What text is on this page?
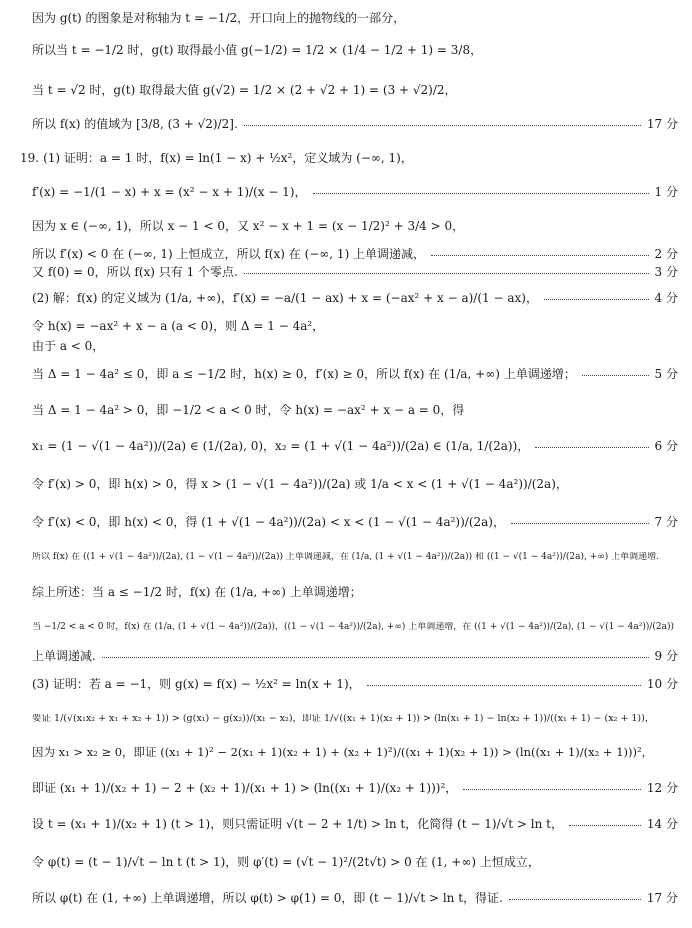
因为 g(t) 的图象是对称轴为 t = −1/2，开口向上的抛物线的一部分，
所以当 t = −1/2 时，g(t) 取得最小值 g(−1/2) = 1/2 × (1/4 − 1/2 + 1) = 3/8，
当 t = √2 时，g(t) 取得最大值 g(√2) = 1/2 × (2 + √2 + 1) = (3 + √2)/2，
所以 f(x) 的值域为 [3/8, (3 + √2)/2].	17 分
19. (1) 证明：a = 1 时，f(x) = ln(1 − x) + ½x²，定义域为 (−∞, 1)，
f′(x) = −1/(1 − x) + x = (x² − x + 1)/(x − 1)，	1 分
因为 x ∈ (−∞, 1)，所以 x − 1 < 0，又 x² − x + 1 = (x − 1/2)² + 3/4 > 0，
所以 f′(x) < 0 在 (−∞, 1) 上恒成立，所以 f(x) 在 (−∞, 1) 上单调递减，	2 分
又 f(0) = 0，所以 f(x) 只有 1 个零点.	3 分
(2) 解：f(x) 的定义域为 (1/a, +∞)，f′(x) = −a/(1 − ax) + x = (−ax² + x − a)/(1 − ax)，	4 分
令 h(x) = −ax² + x − a (a < 0)，则 Δ = 1 − 4a²，
由于 a < 0，
当 Δ = 1 − 4a² ≤ 0，即 a ≤ −1/2 时，h(x) ≥ 0，f′(x) ≥ 0，所以 f(x) 在 (1/a, +∞) 上单调递增；	5 分
当 Δ = 1 − 4a² > 0，即 −1/2 < a < 0 时，令 h(x) = −ax² + x − a = 0，得
x₁ = (1 − √(1 − 4a²))/(2a) ∈ (1/(2a), 0)，x₂ = (1 + √(1 − 4a²))/(2a) ∈ (1/a, 1/(2a))，	6 分
令 f′(x) > 0，即 h(x) > 0，得 x > (1 − √(1 − 4a²))/(2a) 或 1/a < x < (1 + √(1 − 4a²))/(2a)，
令 f′(x) < 0，即 h(x) < 0，得 (1 + √(1 − 4a²))/(2a) < x < (1 − √(1 − 4a²))/(2a)，	7 分
所以 f(x) 在 ((1 + √(1 − 4a²))/(2a), (1 − √(1 − 4a²))/(2a)) 上单调递减，在 (1/a, (1 + √(1 − 4a²))/(2a)) 和 ((1 − √(1 − 4a²))/(2a), +∞) 上单调递增.
综上所述：当 a ≤ −1/2 时，f(x) 在 (1/a, +∞) 上单调递增；
当 −1/2 < a < 0 时，f(x) 在 (1/a, (1 + √(1 − 4a²))/(2a))，((1 − √(1 − 4a²))/(2a), +∞) 上单调递增，在 ((1 + √(1 − 4a²))/(2a), (1 − √(1 − 4a²))/(2a))
上单调递减.	9 分
(3) 证明：若 a = −1，则 g(x) = f(x) − ½x² = ln(x + 1)，	10 分
要证 1/(√(x₁x₂ + x₁ + x₂ + 1)) > (g(x₁) − g(x₂))/(x₁ − x₂)，即证 1/√((x₁ + 1)(x₂ + 1)) > (ln(x₁ + 1) − ln(x₂ + 1))/((x₁ + 1) − (x₂ + 1))，
因为 x₁ > x₂ ≥ 0，即证 ((x₁ + 1)² − 2(x₁ + 1)(x₂ + 1) + (x₂ + 1)²)/((x₁ + 1)(x₂ + 1)) > (ln((x₁ + 1)/(x₂ + 1)))²，
即证 (x₁ + 1)/(x₂ + 1) − 2 + (x₂ + 1)/(x₁ + 1) > (ln((x₁ + 1)/(x₂ + 1)))²，	12 分
设 t = (x₁ + 1)/(x₂ + 1) (t > 1)，则只需证明 √(t − 2 + 1/t) > ln t，化简得 (t − 1)/√t > ln t，	14 分
令 φ(t) = (t − 1)/√t − ln t (t > 1)，则 φ′(t) = (√t − 1)²/(2t√t) > 0 在 (1, +∞) 上恒成立，
所以 φ(t) 在 (1, +∞) 上单调递增，所以 φ(t) > φ(1) = 0，即 (t − 1)/√t > ln t，得证.	17 分
